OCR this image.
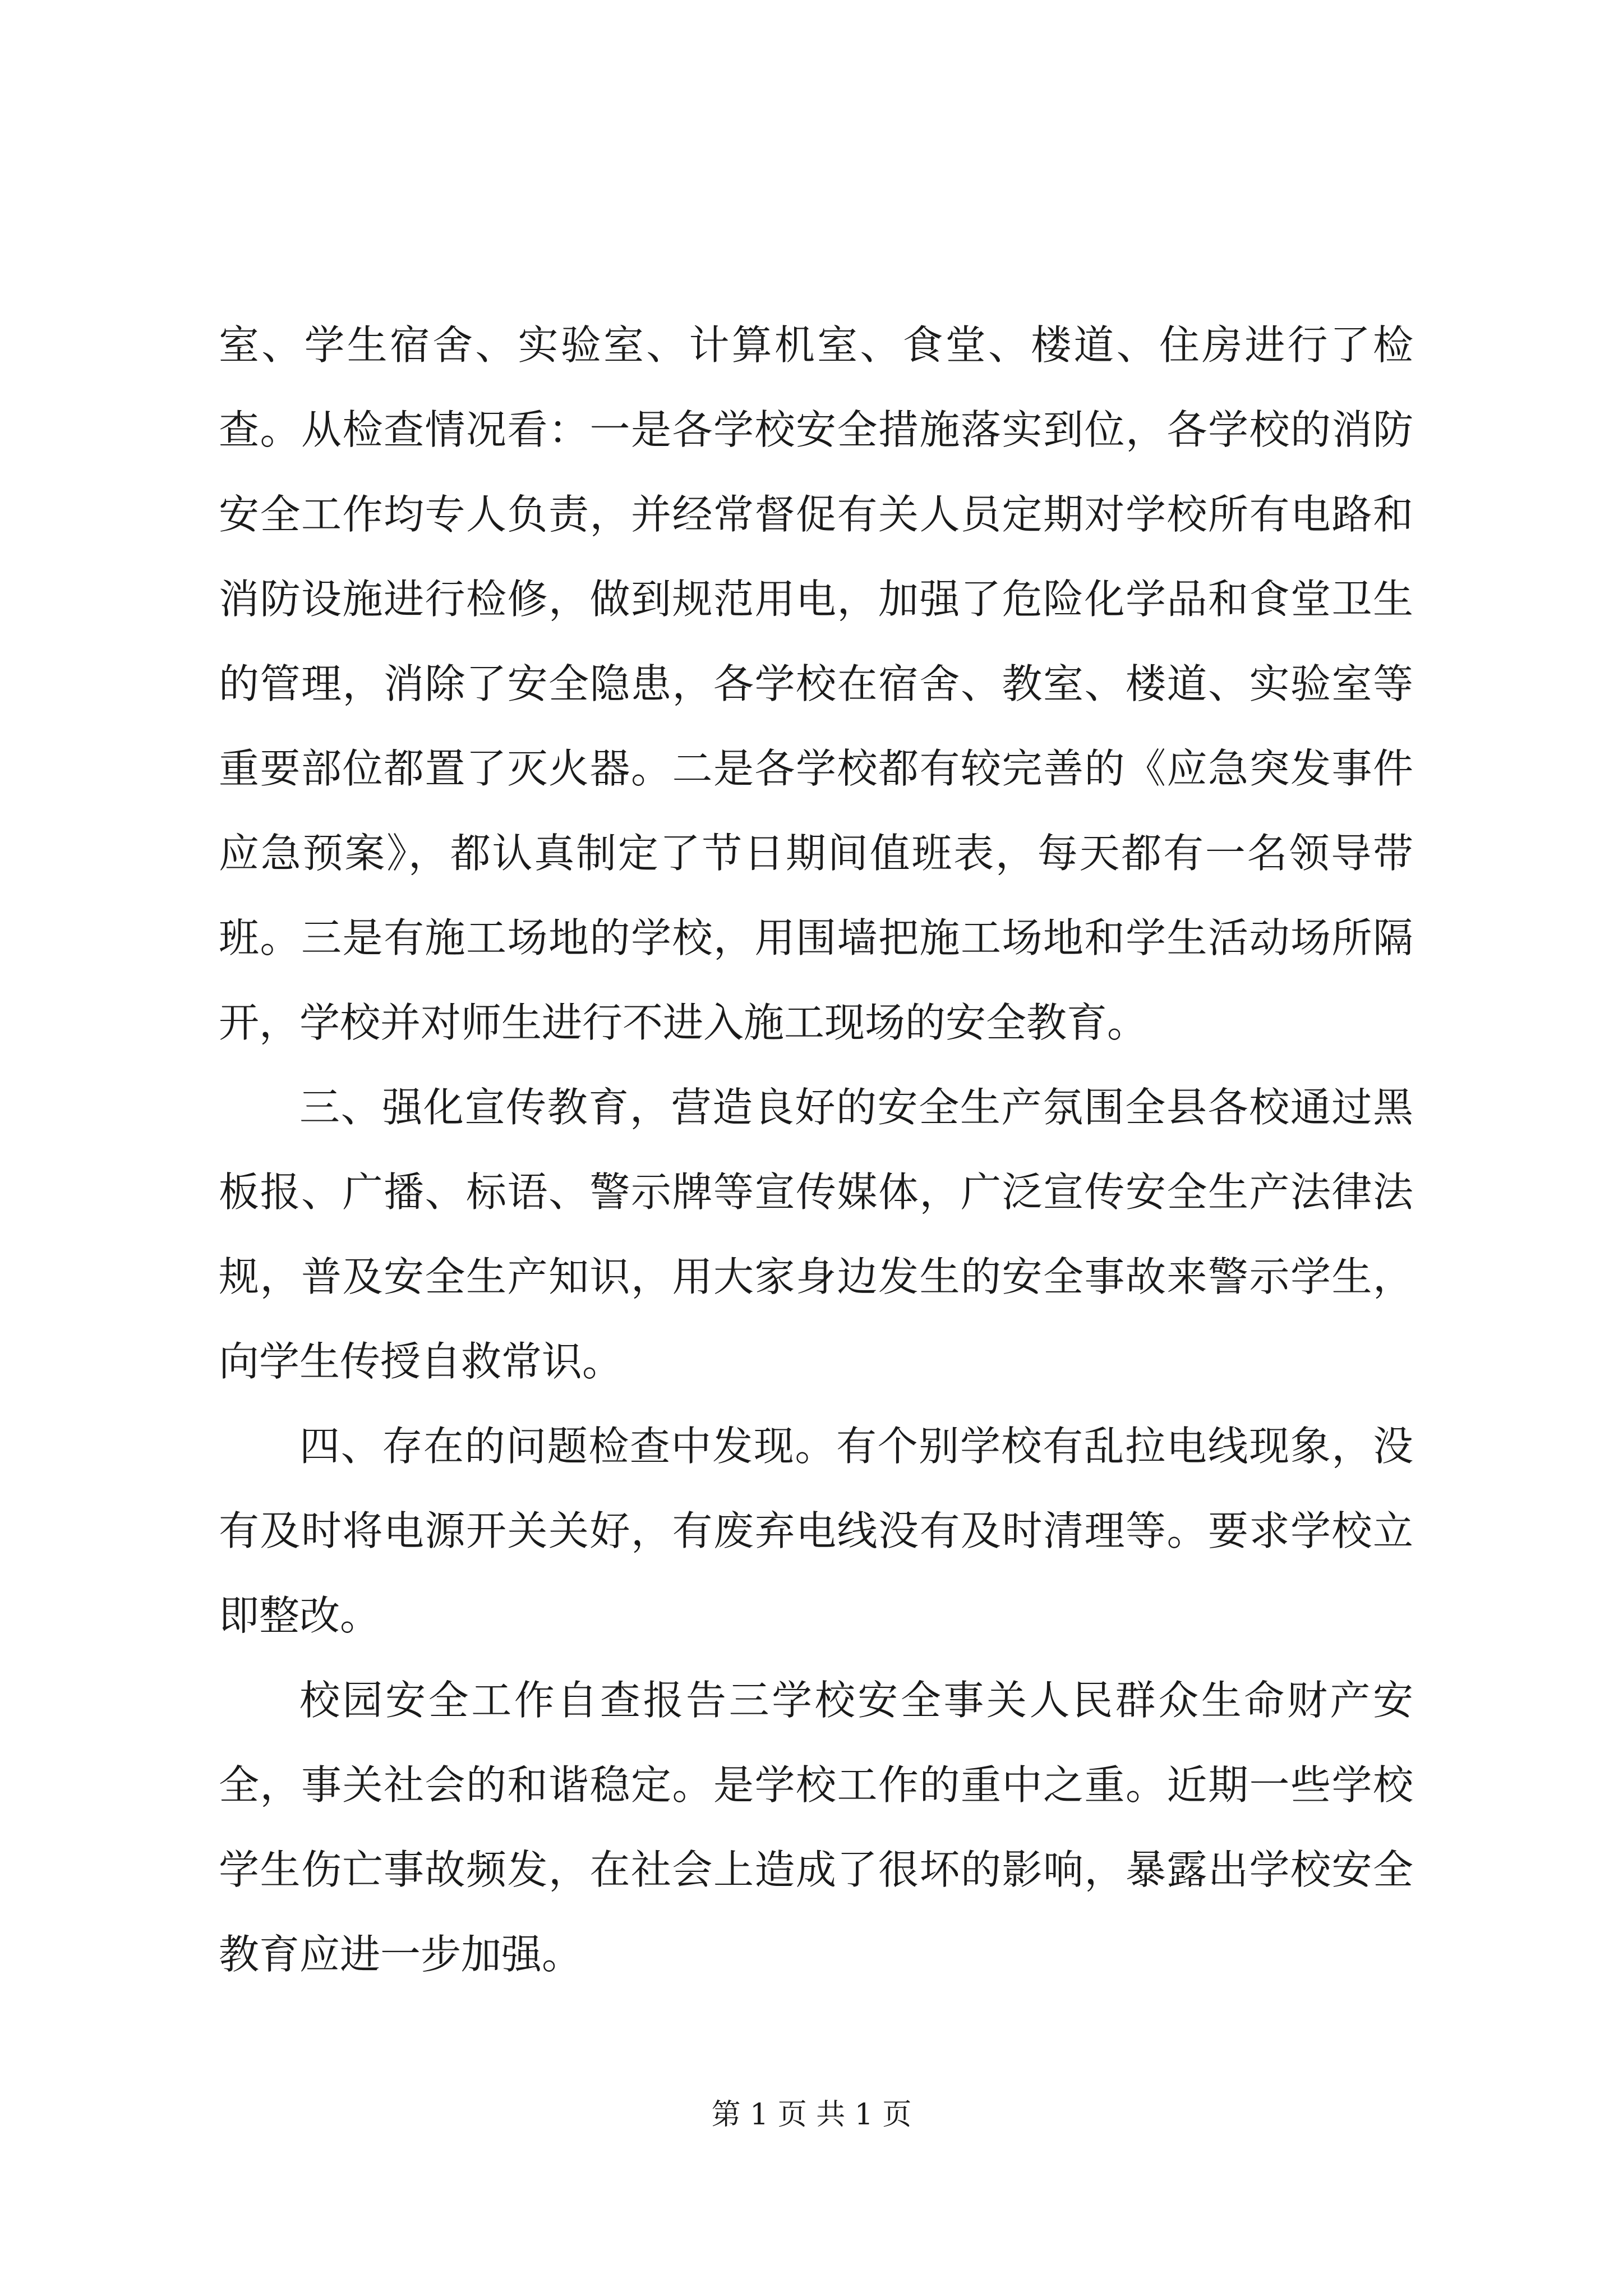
室、学生宿舍、实验室、计算机室、食堂、楼道、住房进行了检查。从检查情况看：一是各学校安全措施落实到位，各学校的消防安全工作均专人负责，并经常督促有关人员定期对学校所有电路和消防设施进行检修，做到规范用电，加强了危险化学品和食堂卫生的管理，消除了安全隐患，各学校在宿舍、教室、楼道、实验室等重要部位都置了灭火器。二是各学校都有较完善的《应急突发事件应急预案》，都认真制定了节日期间值班表，每天都有一名领导带班。三是有施工场地的学校，用围墙把施工场地和学生活动场所隔开，学校并对师生进行不进入施工现场的安全教育。

三、强化宣传教育，营造良好的安全生产氛围全县各校通过黑板报、广播、标语、警示牌等宣传媒体，广泛宣传安全生产法律法规，普及安全生产知识，用大家身边发生的安全事故来警示学生，向学生传授自救常识。

四、存在的问题检查中发现。有个别学校有乱拉电线现象，没有及时将电源开关关好，有废弃电线没有及时清理等。要求学校立即整改。

校园安全工作自查报告三学校安全事关人民群众生命财产安全，事关社会的和谐稳定。是学校工作的重中之重。近期一些学校学生伤亡事故频发，在社会上造成了很坏的影响，暴露出学校安全教育应进一步加强。

第 1 页 共 1 页
